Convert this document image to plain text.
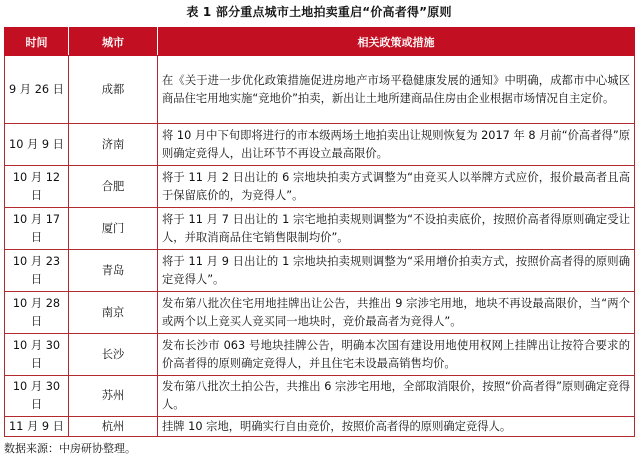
表 1 部分重点城市土地拍卖重启“价高者得”原则
时间	城市	相关政策或措施
9 月 26 日	成都	在《关于进一步优化政策措施促进房地产市场平稳健康发展的通知》中明确，成都市中心城区商品住宅用地实施“竞地价”拍卖，新出让土地所建商品住房由企业根据市场情况自主定价。
10 月 9 日	济南	将 10 月中下旬即将进行的市本级两场土地拍卖出让规则恢复为 2017 年 8 月前“价高者得”原则确定竞得人，出让环节不再设立最高限价。
10 月 12 日	合肥	将于 11 月 2 日出让的 6 宗地块拍卖方式调整为“由竞买人以举牌方式应价，报价最高者且高于保留底价的，为竞得人”。
10 月 17 日	厦门	将于 11 月 7 日出让的 1 宗宅地拍卖规则调整为“不设拍卖底价，按照价高者得原则确定受让人，并取消商品住宅销售限制均价”。
10 月 23 日	青岛	将于 11 月 9 日出让的 1 宗地块拍卖规则调整为“采用增价拍卖方式，按照价高者得的原则确定竞得人”。
10 月 28 日	南京	发布第八批次住宅用地挂牌出让公告，共推出 9 宗涉宅用地，地块不再设最高限价，当“两个或两个以上竞买人竞买同一地块时，竞价最高者为竞得人”。
10 月 30 日	长沙	发布长沙市 063 号地块挂牌公告，明确本次国有建设用地使用权网上挂牌出让按符合要求的价高者得的原则确定竞得人，并且住宅未设最高销售均价。
10 月 30 日	苏州	发布第八批次土拍公告，共推出 6 宗涉宅用地，全部取消限价，按照“价高者得”原则确定竞得人。
11 月 9 日	杭州	挂牌 10 宗地，明确实行自由竞价，按照价高者得的原则确定竞得人。
数据来源：中房研协整理。
